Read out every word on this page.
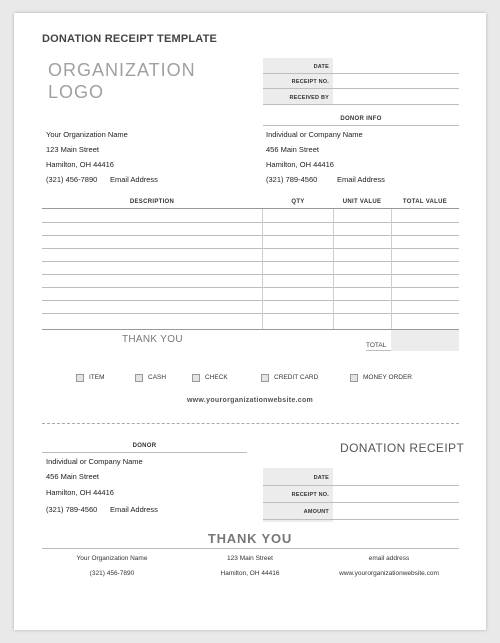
DONATION RECEIPT TEMPLATE
ORGANIZATION
LOGO
DATE
RECEIPT NO.
RECEIVED BY
DONOR INFO
Your Organization Name
123 Main Street
Hamilton, OH 44416
(321) 456-7890 Email Address
Individual or Company Name
456 Main Street
Hamilton, OH 44416
(321) 789-4560	Email Address
DESCRIPTION	QTY	UNIT VALUE	TOTAL VALUE
THANK YOU
TOTAL
ITEM	CASH	CHECK	CREDIT CARD	MONEY ORDER
www.yourorganizationwebsite.com
DONOR
Individual or Company Name
456 Main Street
Hamilton, OH 44416
(321) 789-4560 Email Address
DONATION RECEIPT
DATE
RECEIPT NO.
AMOUNT
THANK YOU
Your Organization Name	123 Main Street	email address
(321) 456-7890	Hamilton, OH 44416	www.yourorganizationwebsite.com
